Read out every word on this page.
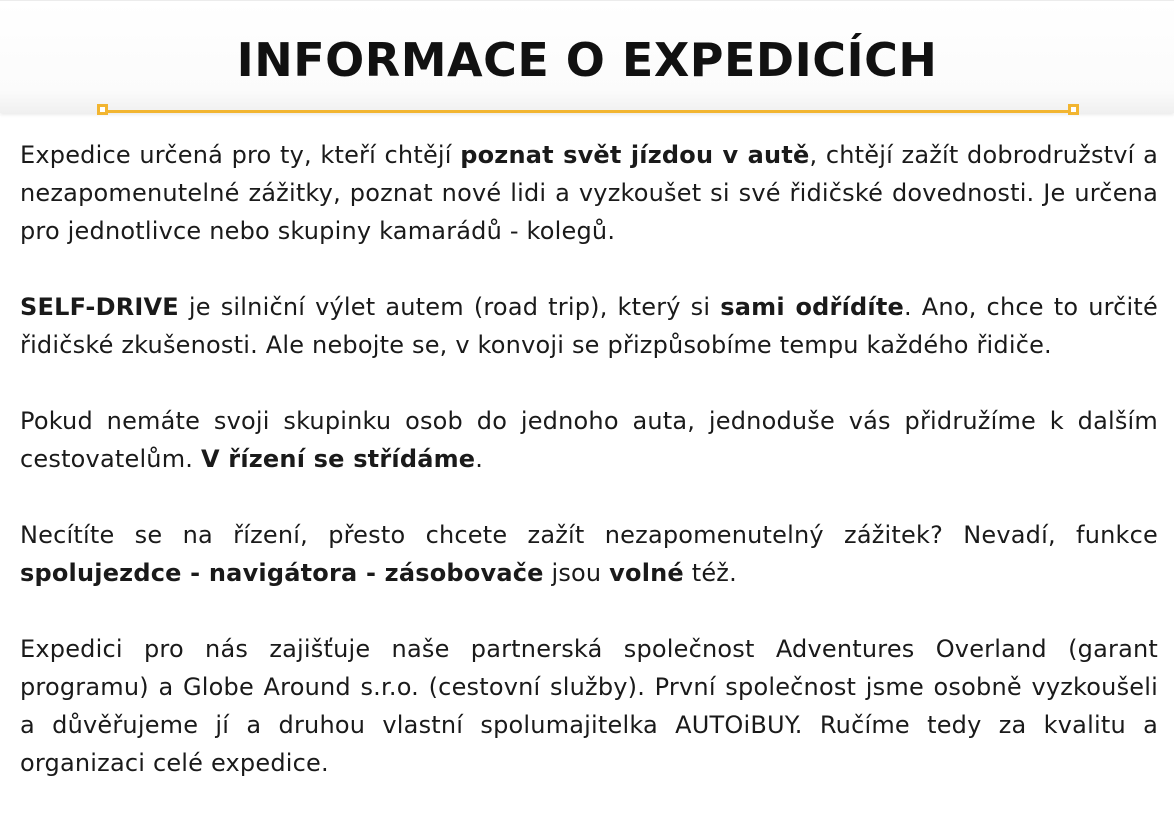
INFORMACE O EXPEDICÍCH

Expedice určená pro ty, kteří chtějí poznat svět jízdou v autě, chtějí zažít dobrodružství a nezapomenutelné zážitky, poznat nové lidi a vyzkoušet si své řidičské dovednosti. Je určena pro jednotlivce nebo skupiny kamarádů - kolegů.

SELF-DRIVE je silniční výlet autem (road trip), který si sami odřídíte. Ano, chce to určité řidičské zkušenosti. Ale nebojte se, v konvoji se přizpůsobíme tempu každého řidiče.

Pokud nemáte svoji skupinku osob do jednoho auta, jednoduše vás přidružíme k dalším cestovatelům. V řízení se střídáme.

Necítíte se na řízení, přesto chcete zažít nezapomenutelný zážitek? Nevadí, funkce spolujezdce - navigátora - zásobovače jsou volné též.

Expedici pro nás zajišťuje naše partnerská společnost Adventures Overland (garant programu) a Globe Around s.r.o. (cestovní služby). První společnost jsme osobně vyzkoušeli a důvěřujeme jí a druhou vlastní spolumajitelka AUTOiBUY. Ručíme tedy za kvalitu a organizaci celé expedice.
